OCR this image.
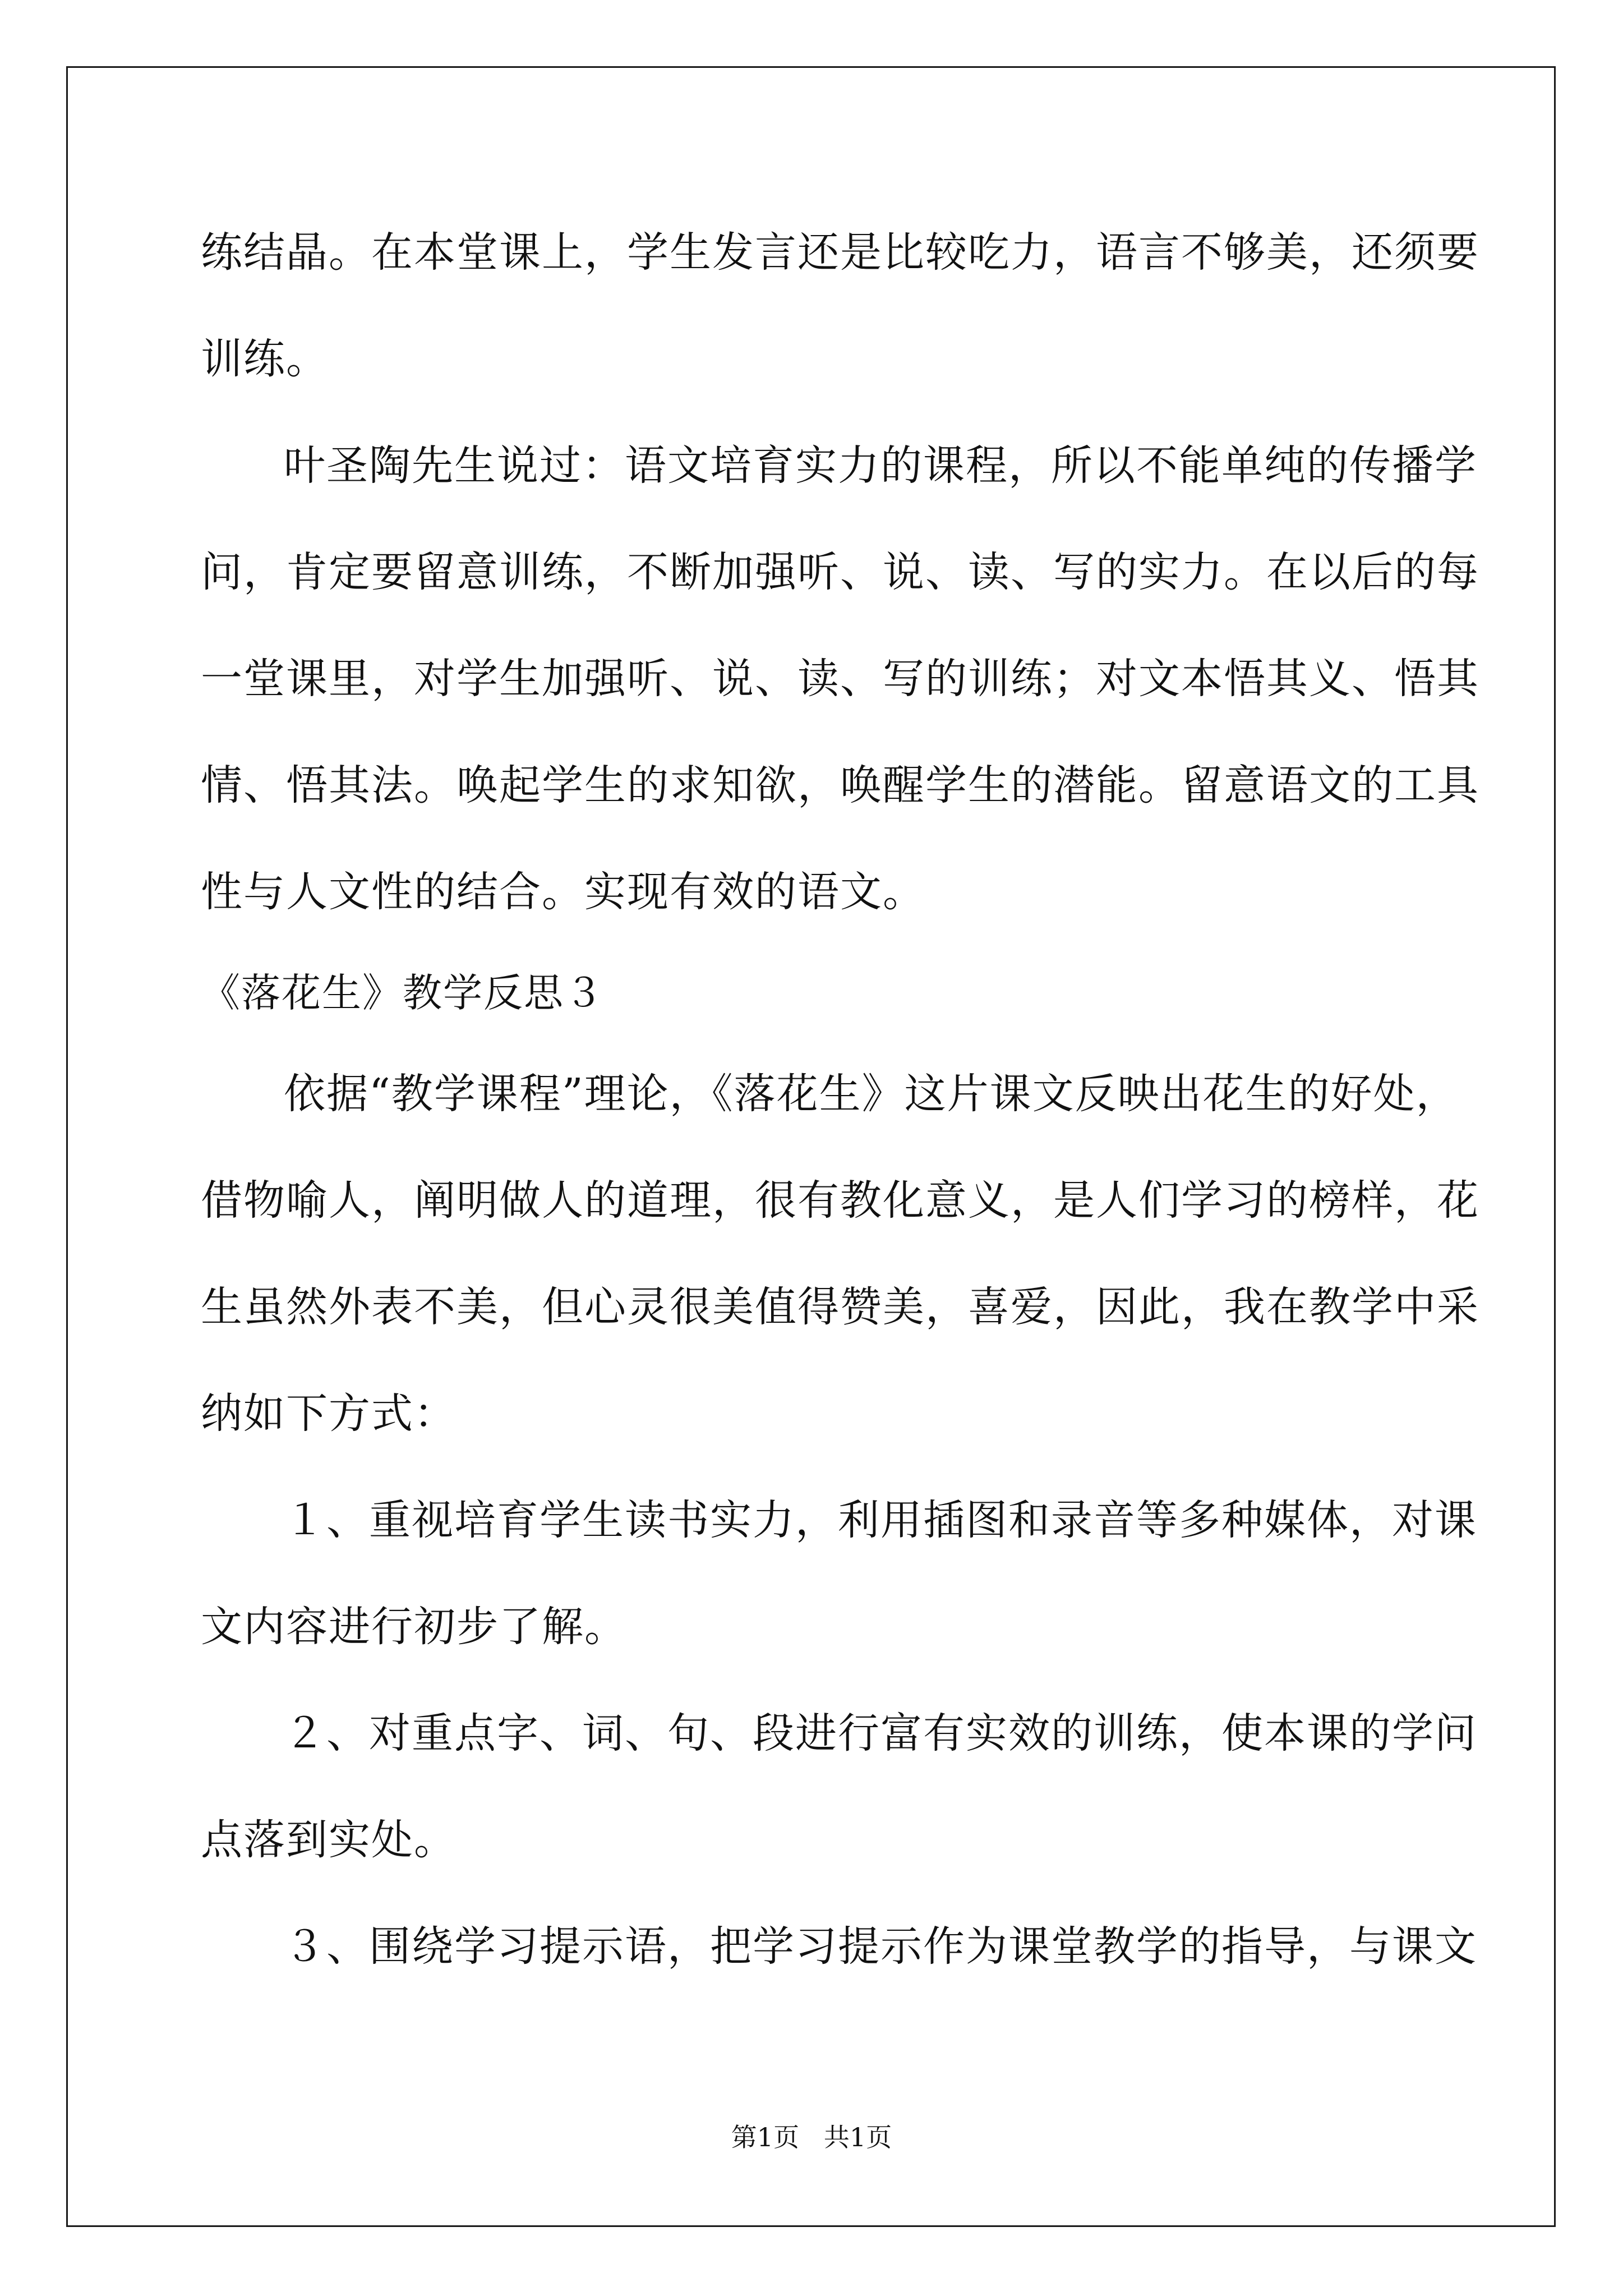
练结晶。在本堂课上，学生发言还是比较吃力，语言不够美，还须要
训练。
叶圣陶先生说过：语文培育实力的课程，所以不能单纯的传播学
问，肯定要留意训练，不断加强听、说、读、写的实力。在以后的每
一堂课里，对学生加强听、说、读、写的训练；对文本悟其义、悟其
情、悟其法。唤起学生的求知欲，唤醒学生的潜能。留意语文的工具
性与人文性的结合。实现有效的语文。
《落花生》教学反思３
依据“教学课程”理论，《落花生》这片课文反映出花生的好处，
借物喻人，阐明做人的道理，很有教化意义，是人们学习的榜样，花
生虽然外表不美，但心灵很美值得赞美，喜爱，因此，我在教学中采
纳如下方式：
１、重视培育学生读书实力，利用插图和录音等多种媒体，对课
文内容进行初步了解。
２、对重点字、词、句、段进行富有实效的训练，使本课的学问
点落到实处。
３、围绕学习提示语，把学习提示作为课堂教学的指导，与课文
第1页   共1页
